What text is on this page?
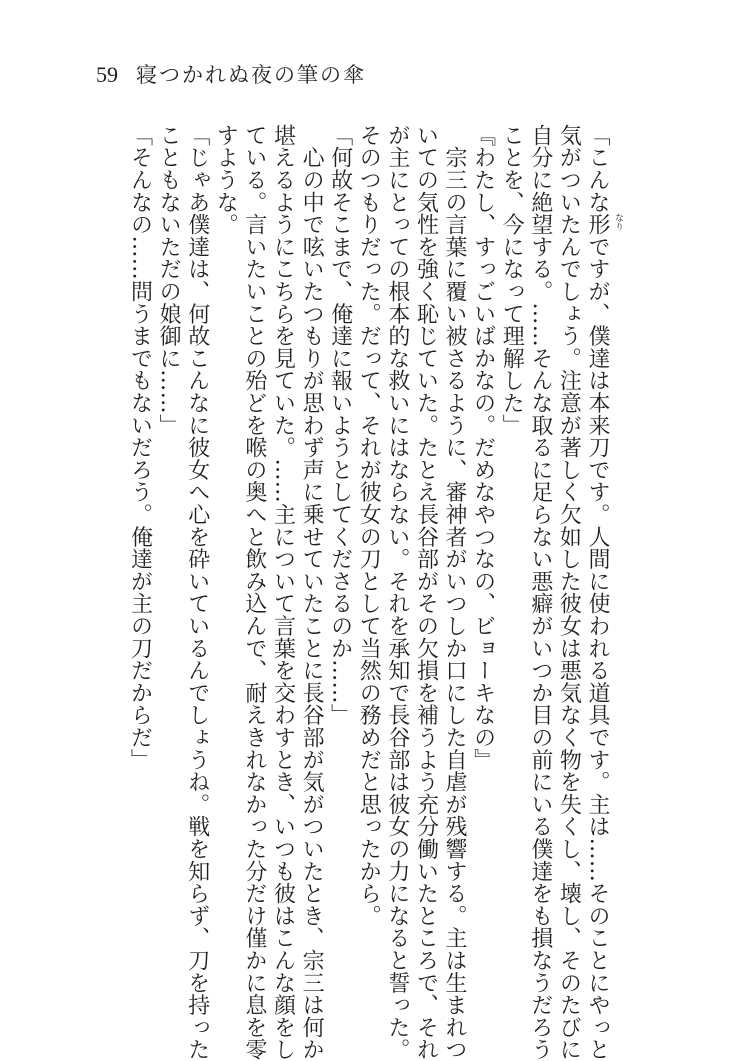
59 寝つかれぬ夜の筆の傘
「こんな形 なり
ですが、僕達は本来刀です。人間に使われる道具です。主は……そのことにやっと
気がついたんでしょう。注意が著しく欠如した彼女は悪気なく物を失くし、壊し、そのたびに
自分に絶望する。……そんな取るに足らない悪癖がいつか目の前にいる僕達をも損なうだろう
ことを、今になって理解した」
『わたし、すっごいばかなの。だめなやつなの、ビョーキなの』
　宗三の言葉に覆い被さるように、審神者がいつしか口にした自虐が残響する。主は生まれつ
いての気性を強く恥じていた。たとえ長谷部がその欠損を補うよう充分働いたところで、それ
が主にとっての根本的な救いにはならない。それを承知で長谷部は彼女の力になると誓った。
そのつもりだった。だって、それが彼女の刀として当然の務めだと思ったから。
「何故そこまで、俺達に報いようとしてくださるのか……」
　心の中で呟いたつもりが思わず声に乗せていたことに長谷部が気がついたとき、宗三は何か
堪えるようにこちらを見ていた。……主について言葉を交わすとき、いつも彼はこんな顔をし
ている。言いたいことの殆どを喉の奥へと飲み込んで、耐えきれなかった分だけ僅かに息を零
すような。
「じゃあ僕達は、何故こんなに彼女へ心を砕いているんでしょうね。戦を知らず、刀を持った
こともないただの娘御に……」
「そんなの……問うまでもないだろう。俺達が主の刀だからだ」
